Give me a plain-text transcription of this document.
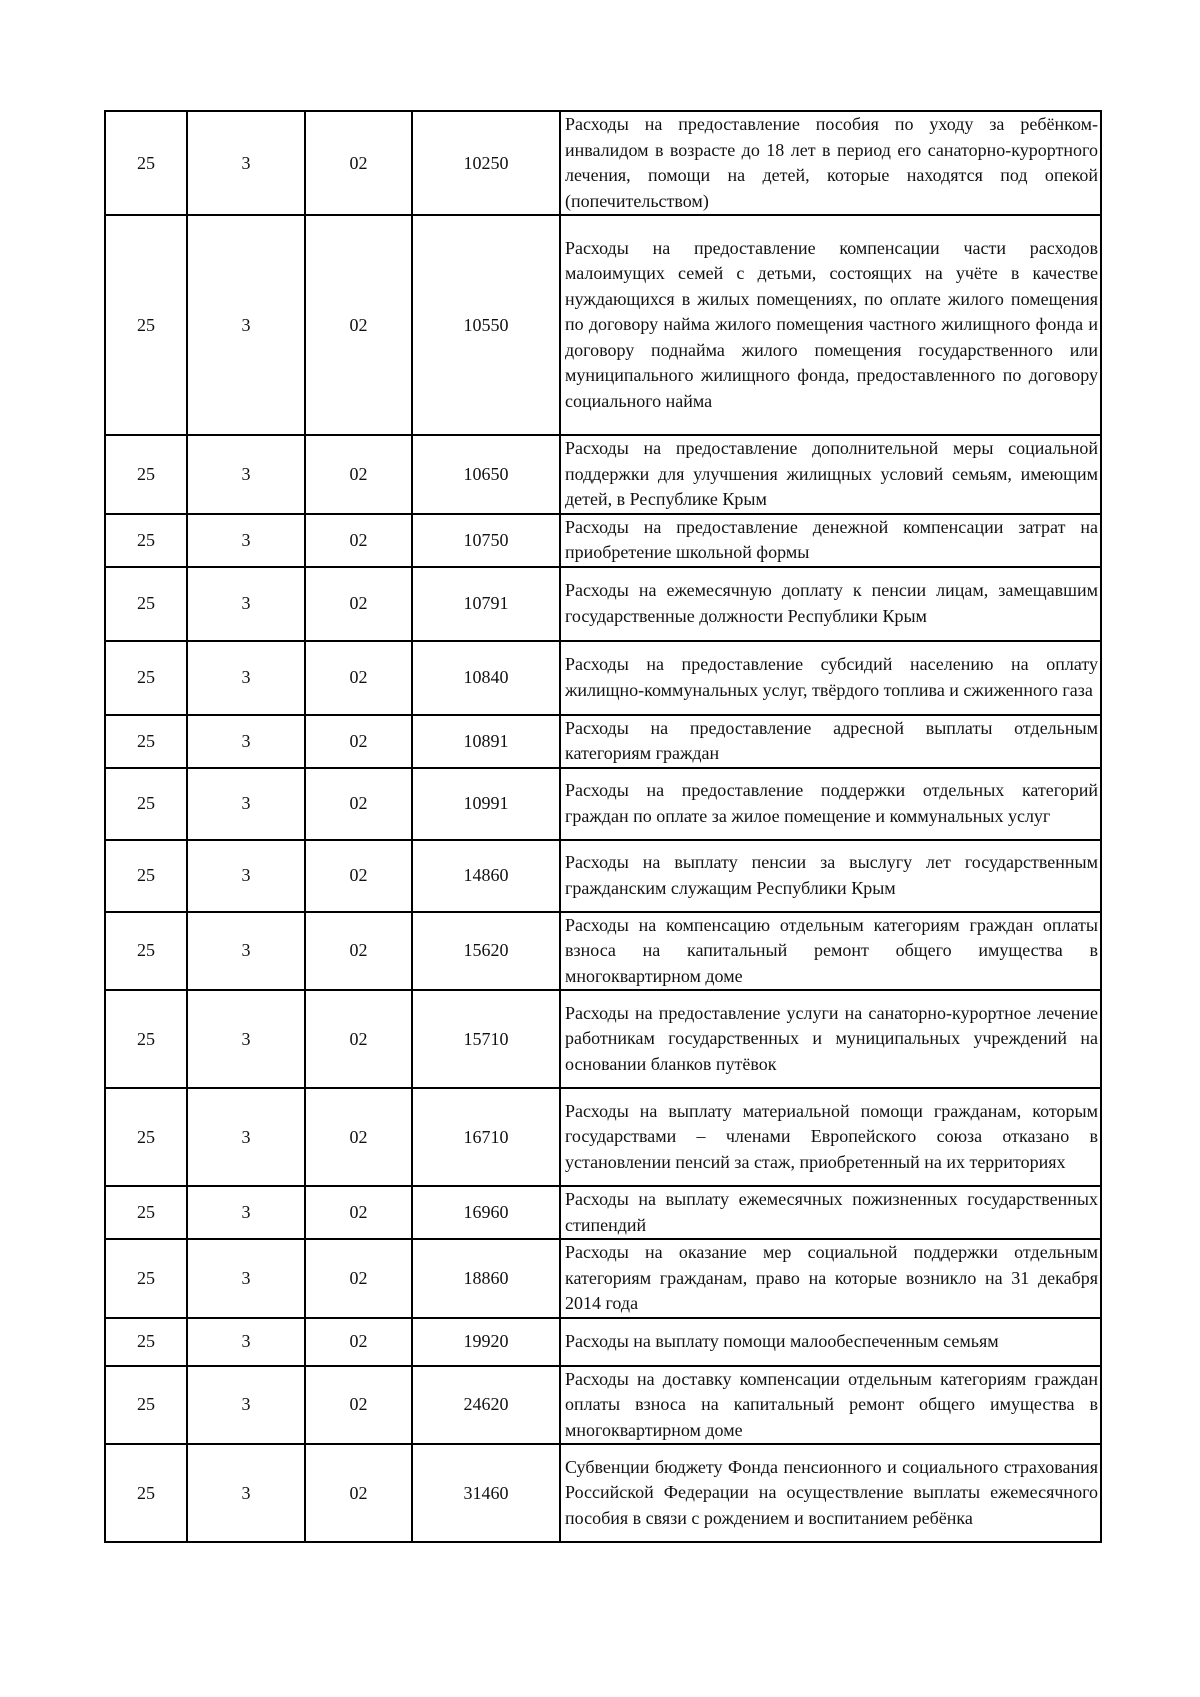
25	3	02	10250	Расходы на предоставление пособия по уходу за ребёнком-инвалидом в возрасте до 18 лет в период его санаторно-курортного лечения, помощи на детей, которые находятся под опекой (попечительством)
25	3	02	10550	Расходы на предоставление компенсации части расходов малоимущих семей с детьми, состоящих на учёте в качестве нуждающихся в жилых помещениях, по оплате жилого помещения по договору найма жилого помещения частного жилищного фонда и договору поднайма жилого помещения государственного или муниципального жилищного фонда, предоставленного по договору социального найма
25	3	02	10650	Расходы на предоставление дополнительной меры социальной поддержки для улучшения жилищных условий семьям, имеющим детей, в Республике Крым
25	3	02	10750	Расходы на предоставление денежной компенсации затрат на приобретение школьной формы
25	3	02	10791	Расходы на ежемесячную доплату к пенсии лицам, замещавшим государственные должности Республики Крым
25	3	02	10840	Расходы на предоставление субсидий населению на оплату жилищно-коммунальных услуг, твёрдого топлива и сжиженного газа
25	3	02	10891	Расходы на предоставление адресной выплаты отдельным категориям граждан
25	3	02	10991	Расходы на предоставление поддержки отдельных категорий граждан по оплате за жилое помещение и коммунальных услуг
25	3	02	14860	Расходы на выплату пенсии за выслугу лет государственным гражданским служащим Республики Крым
25	3	02	15620	Расходы на компенсацию отдельным категориям граждан оплаты взноса на капитальный ремонт общего имущества в многоквартирном доме
25	3	02	15710	Расходы на предоставление услуги на санаторно-курортное лечение работникам государственных и муниципальных учреждений на основании бланков путёвок
25	3	02	16710	Расходы на выплату материальной помощи гражданам, которым государствами – членами Европейского союза отказано в установлении пенсий за стаж, приобретенный на их территориях
25	3	02	16960	Расходы на выплату ежемесячных пожизненных государственных стипендий
25	3	02	18860	Расходы на оказание мер социальной поддержки отдельным категориям гражданам, право на которые возникло на 31 декабря 2014 года
25	3	02	19920	Расходы на выплату помощи малообеспеченным семьям
25	3	02	24620	Расходы на доставку компенсации отдельным категориям граждан оплаты взноса на капитальный ремонт общего имущества в многоквартирном доме
25	3	02	31460	Субвенции бюджету Фонда пенсионного и социального страхования Российской Федерации на осуществление выплаты ежемесячного пособия в связи с рождением и воспитанием ребёнка
